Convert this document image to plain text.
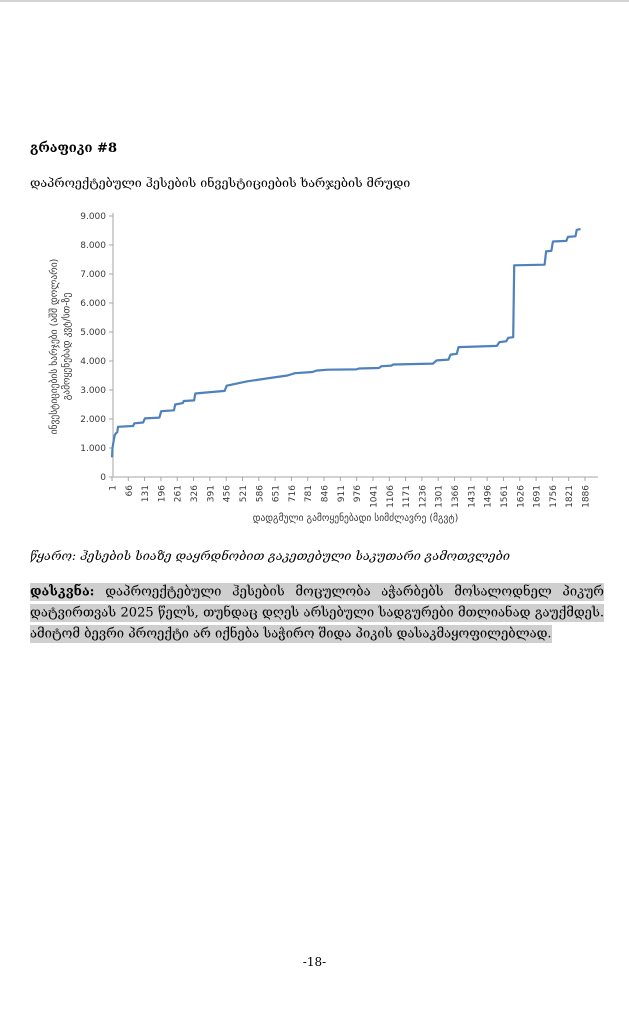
გრაფიკი #8

დაპროექტებული ჰესების ინვესტიციების ხარჯების მრუდი

0
1.000
2.000
3.000
4.000
5.000
6.000
7.000
8.000
9.000
1 66 131 196 261 326 391 456 521 586 651 716 781 846 911 976 1041 1106 1171 1236 1301 1366 1431 1496 1561 1626 1691 1756 1821 1886
ინვესტიციების ხარჯები (აშშ დოლარი) გამოყენებად კვტ/სთ-ზე
დადგმული გამოყენებადი სიმძლავრე (მგვტ)

წყარო: ჰესების სიაზე დაყრდნობით გაკეთებული საკუთარი გამოთვლები

დასკვნა: დაპროექტებული ჰესების მოცულობა აჭარბებს მოსალოდნელ პიკურ დატვირთვას 2025 წელს, თუნდაც დღეს არსებული სადგურები მთლიანად გაუქმდეს. ამიტომ ბევრი პროექტი არ იქნება საჭირო შიდა პიკის დასაკმაყოფილებლად.

-18-
